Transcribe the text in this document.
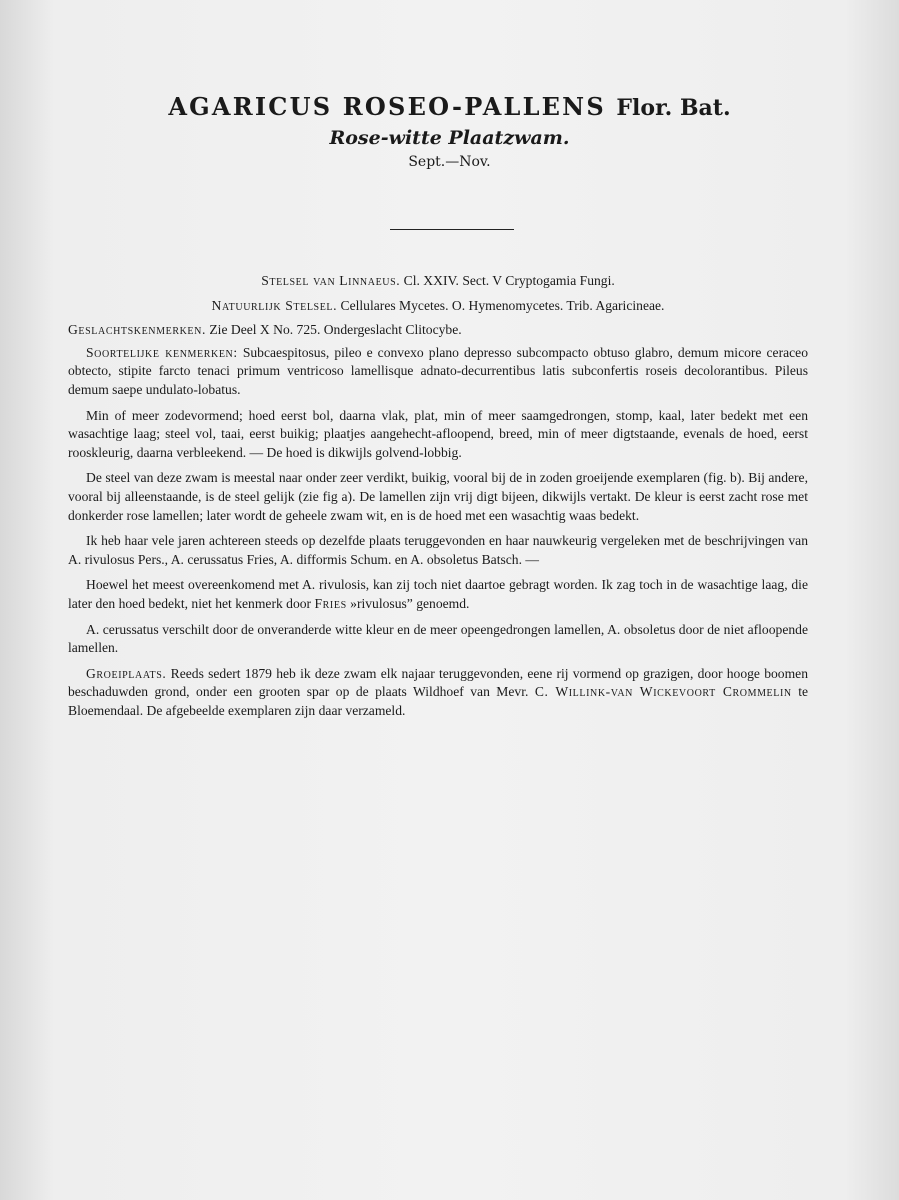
AGARICUS ROSEO-PALLENS Flor. Bat.
Rose-witte Plaatzwam.
Sept.—Nov.

Stelsel van Linnaeus. Cl. XXIV. Sect. V Cryptogamia Fungi.

Natuurlijk Stelsel. Cellulares Mycetes. O. Hymenomycetes. Trib. Agaricineae.

Geslachtskenmerken. Zie Deel X No. 725. Ondergeslacht Clitocybe.

Soortelijke kenmerken: Subcaespitosus, pileo e convexo plano depresso subcompacto obtuso glabro, demum micore ceraceo obtecto, stipite farcto tenaci primum ventricoso lamellisque adnato-decurrentibus latis subconfertis roseis decolorantibus. Pileus demum saepe undulato-lobatus.

Min of meer zodevormend; hoed eerst bol, daarna vlak, plat, min of meer saamgedrongen, stomp, kaal, later bedekt met een wasachtige laag; steel vol, taai, eerst buikig; plaatjes aangehecht-afloopend, breed, min of meer digtstaande, evenals de hoed, eerst rooskleurig, daarna verbleekend. — De hoed is dikwijls golvend-lobbig.

De steel van deze zwam is meestal naar onder zeer verdikt, buikig, vooral bij de in zoden groeijende exemplaren (fig. b). Bij andere, vooral bij alleenstaande, is de steel gelijk (zie fig a). De lamellen zijn vrij digt bijeen, dikwijls vertakt. De kleur is eerst zacht rose met donkerder rose lamellen; later wordt de geheele zwam wit, en is de hoed met een wasachtig waas bedekt.

Ik heb haar vele jaren achtereen steeds op dezelfde plaats teruggevonden en haar nauwkeurig vergeleken met de beschrijvingen van A. rivulosus Pers., A. cerussatus Fries, A. difformis Schum. en A. obsoletus Batsch. —

Hoewel het meest overeenkomend met A. rivulosis, kan zij toch niet daartoe gebragt worden. Ik zag toch in de wasachtige laag, die later den hoed bedekt, niet het kenmerk door Fries »rivulosus” genoemd.

A. cerussatus verschilt door de onveranderde witte kleur en de meer opeengedrongen lamellen, A. obsoletus door de niet afloopende lamellen.

Groeiplaats. Reeds sedert 1879 heb ik deze zwam elk najaar teruggevonden, eene rij vormend op grazigen, door hooge boomen beschaduwden grond, onder een grooten spar op de plaats Wildhoef van Mevr. C. Willink-van Wickevoort Crommelin te Bloemendaal. De afgebeelde exemplaren zijn daar verzameld.
